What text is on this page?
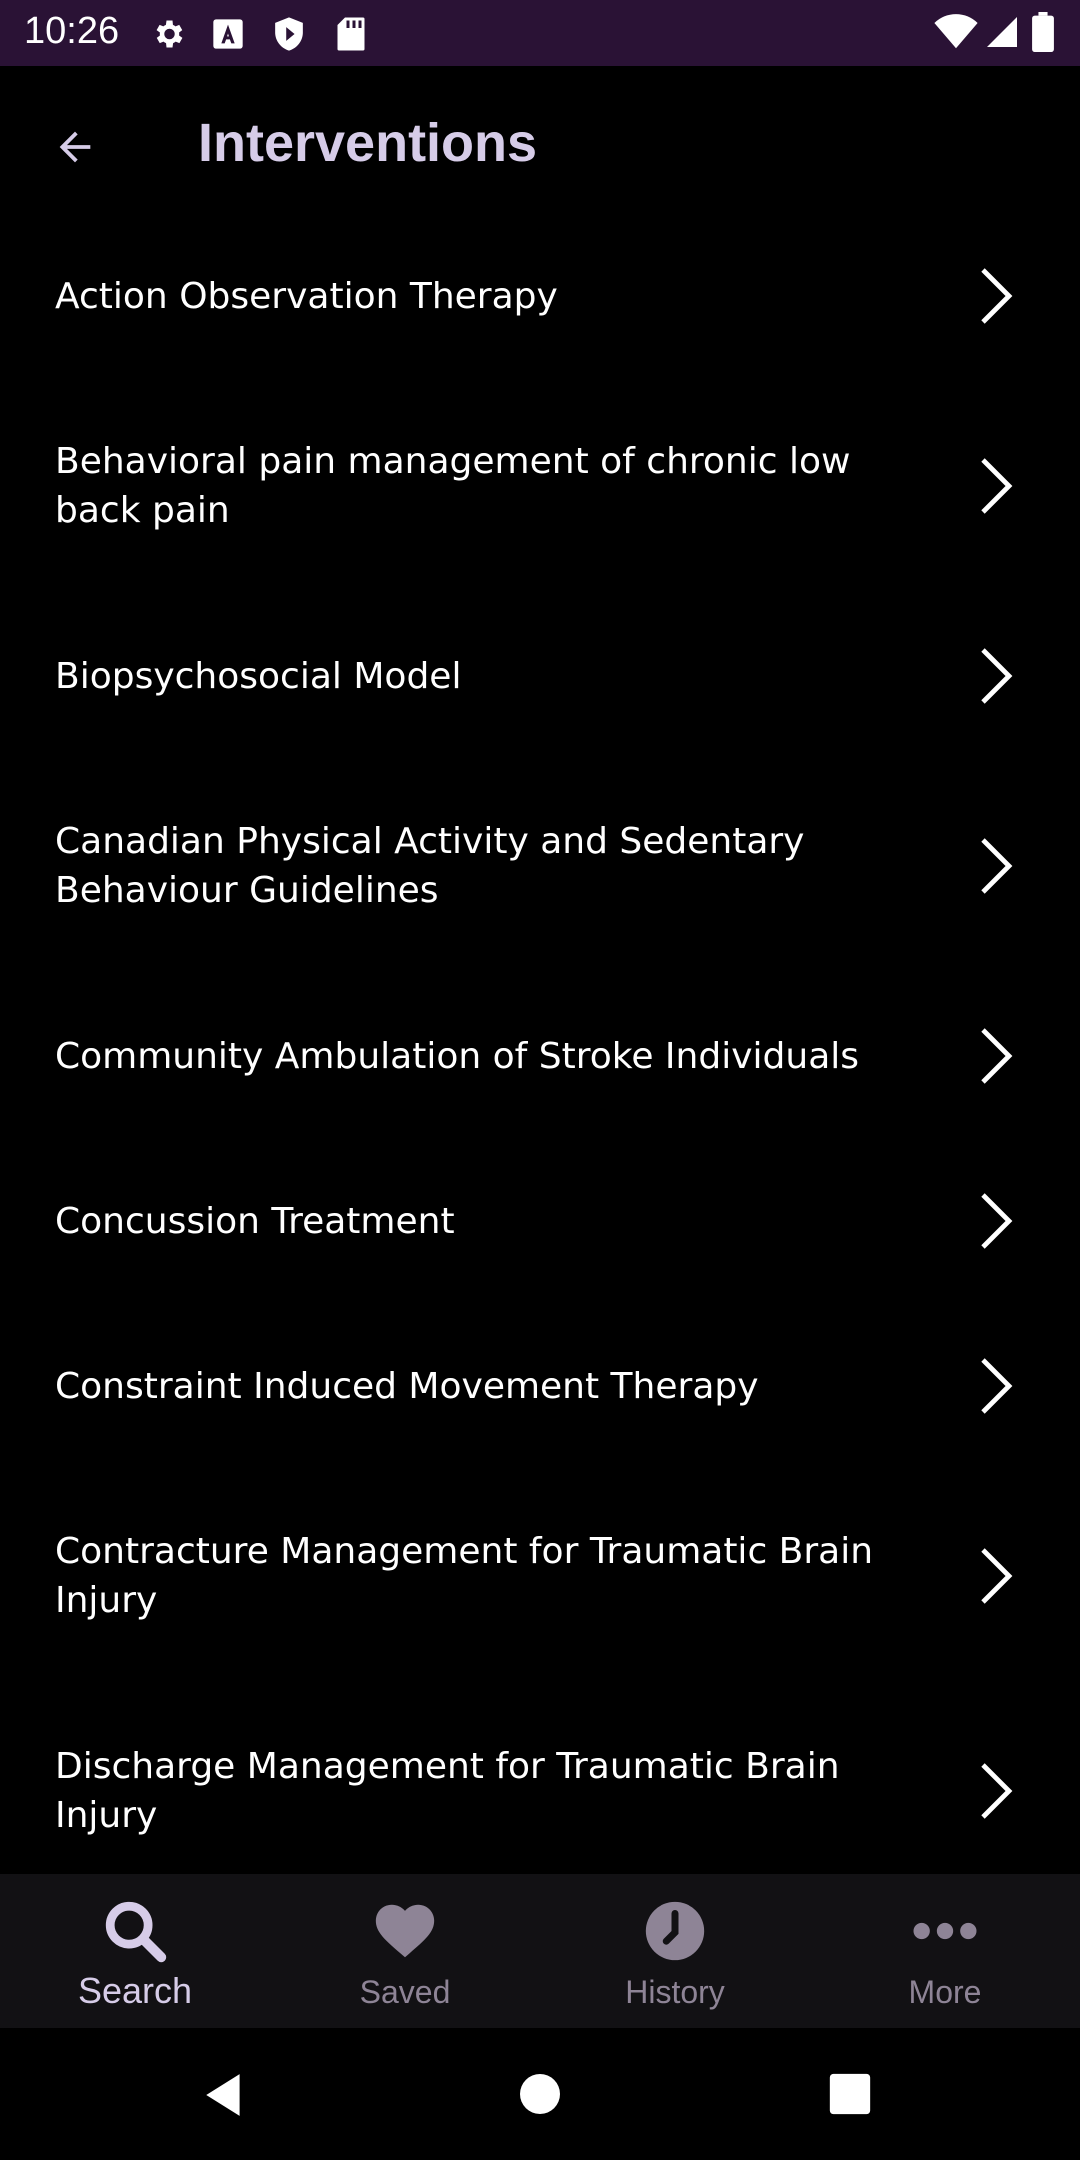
10:26
Interventions
Action Observation Therapy
Behavioral pain management of chronic low back pain
Biopsychosocial Model
Canadian Physical Activity and Sedentary Behaviour Guidelines
Community Ambulation of Stroke Individuals
Concussion Treatment
Constraint Induced Movement Therapy
Contracture Management for Traumatic Brain Injury
Discharge Management for Traumatic Brain Injury
Search	Saved	History	More
